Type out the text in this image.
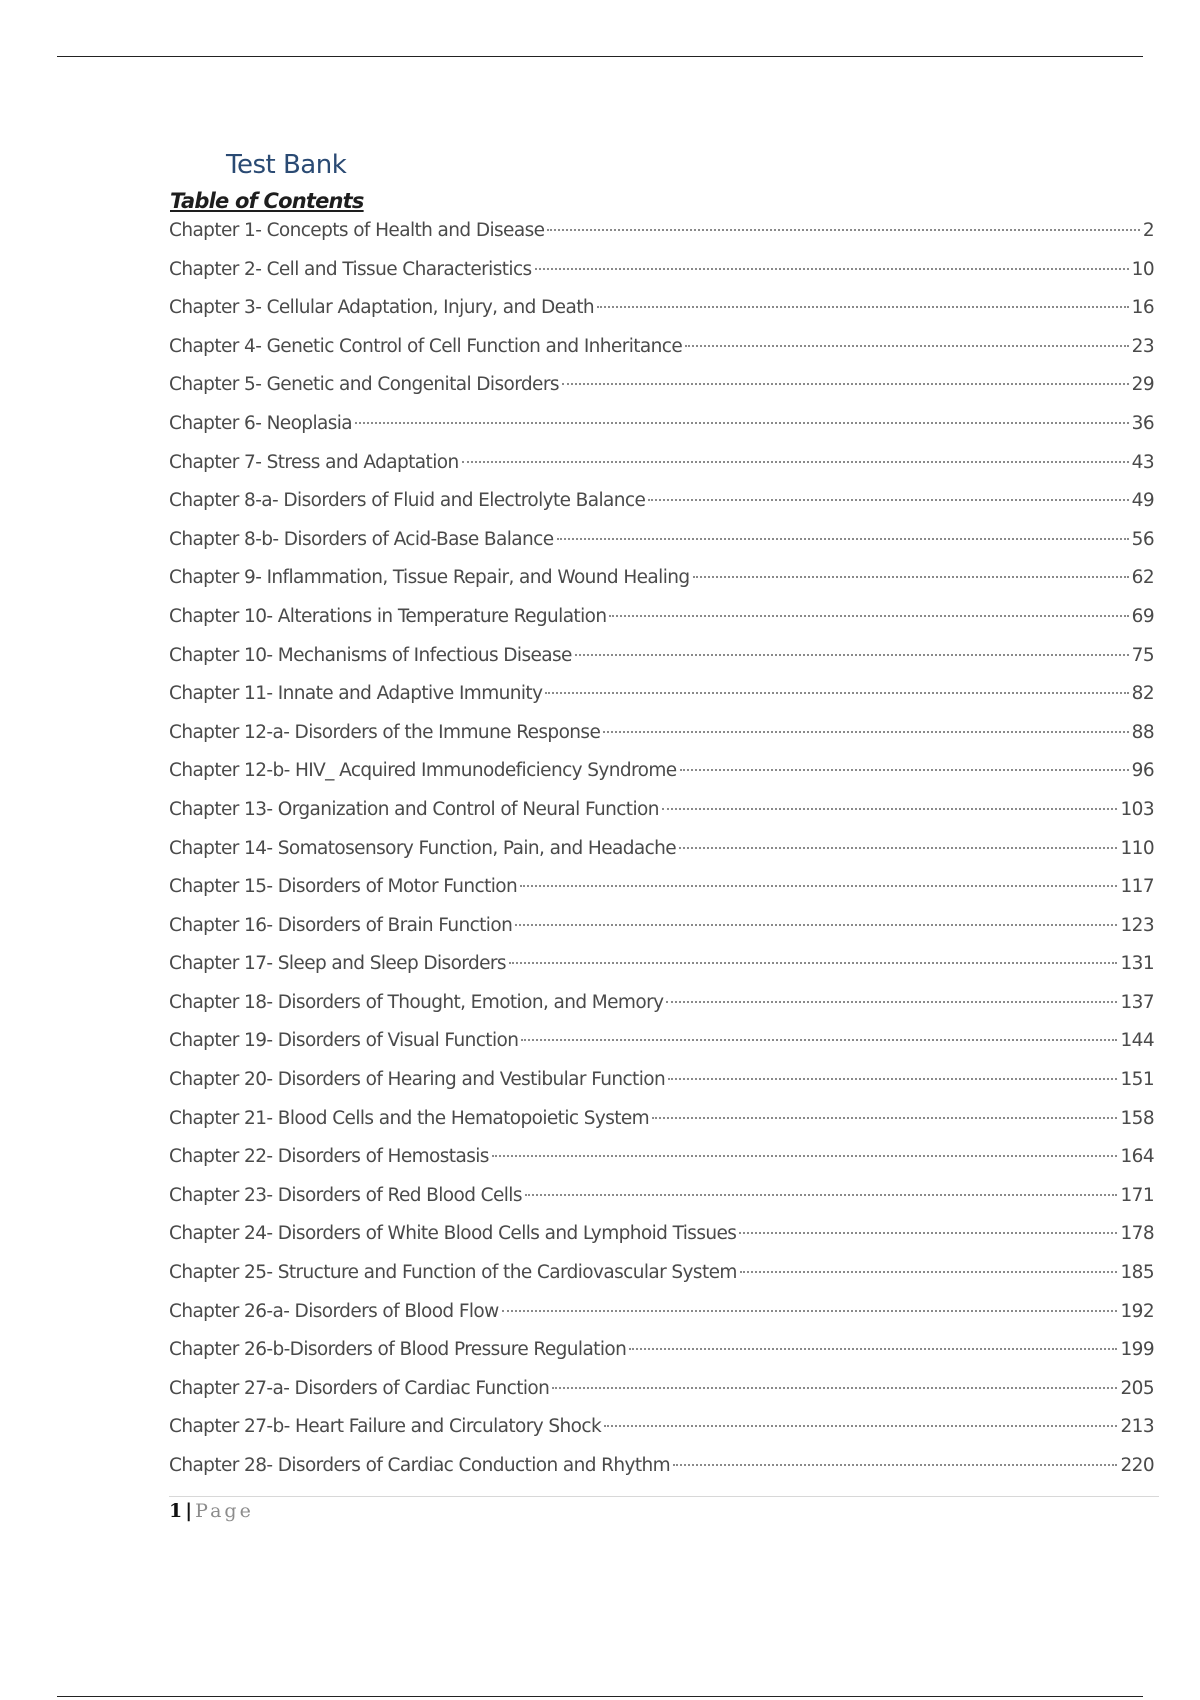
Test Bank
Table of Contents
Chapter 1- Concepts of Health and Disease	2
Chapter 2- Cell and Tissue Characteristics	10
Chapter 3- Cellular Adaptation, Injury, and Death	16
Chapter 4- Genetic Control of Cell Function and Inheritance	23
Chapter 5- Genetic and Congenital Disorders	29
Chapter 6- Neoplasia	36
Chapter 7- Stress and Adaptation	43
Chapter 8-a- Disorders of Fluid and Electrolyte Balance	49
Chapter 8-b- Disorders of Acid-Base Balance	56
Chapter 9- Inflammation, Tissue Repair, and Wound Healing	62
Chapter 10- Alterations in Temperature Regulation	69
Chapter 10- Mechanisms of Infectious Disease	75
Chapter 11- Innate and Adaptive Immunity	82
Chapter 12-a- Disorders of the Immune Response	88
Chapter 12-b- HIV_ Acquired Immunodeficiency Syndrome	96
Chapter 13- Organization and Control of Neural Function	103
Chapter 14- Somatosensory Function, Pain, and Headache	110
Chapter 15- Disorders of Motor Function	117
Chapter 16- Disorders of Brain Function	123
Chapter 17- Sleep and Sleep Disorders	131
Chapter 18- Disorders of Thought, Emotion, and Memory	137
Chapter 19- Disorders of Visual Function	144
Chapter 20- Disorders of Hearing and Vestibular Function	151
Chapter 21- Blood Cells and the Hematopoietic System	158
Chapter 22- Disorders of Hemostasis	164
Chapter 23- Disorders of Red Blood Cells	171
Chapter 24- Disorders of White Blood Cells and Lymphoid Tissues	178
Chapter 25- Structure and Function of the Cardiovascular System	185
Chapter 26-a- Disorders of Blood Flow	192
Chapter 26-b-Disorders of Blood Pressure Regulation	199
Chapter 27-a- Disorders of Cardiac Function	205
Chapter 27-b- Heart Failure and Circulatory Shock	213
Chapter 28- Disorders of Cardiac Conduction and Rhythm	220
1 | Page
